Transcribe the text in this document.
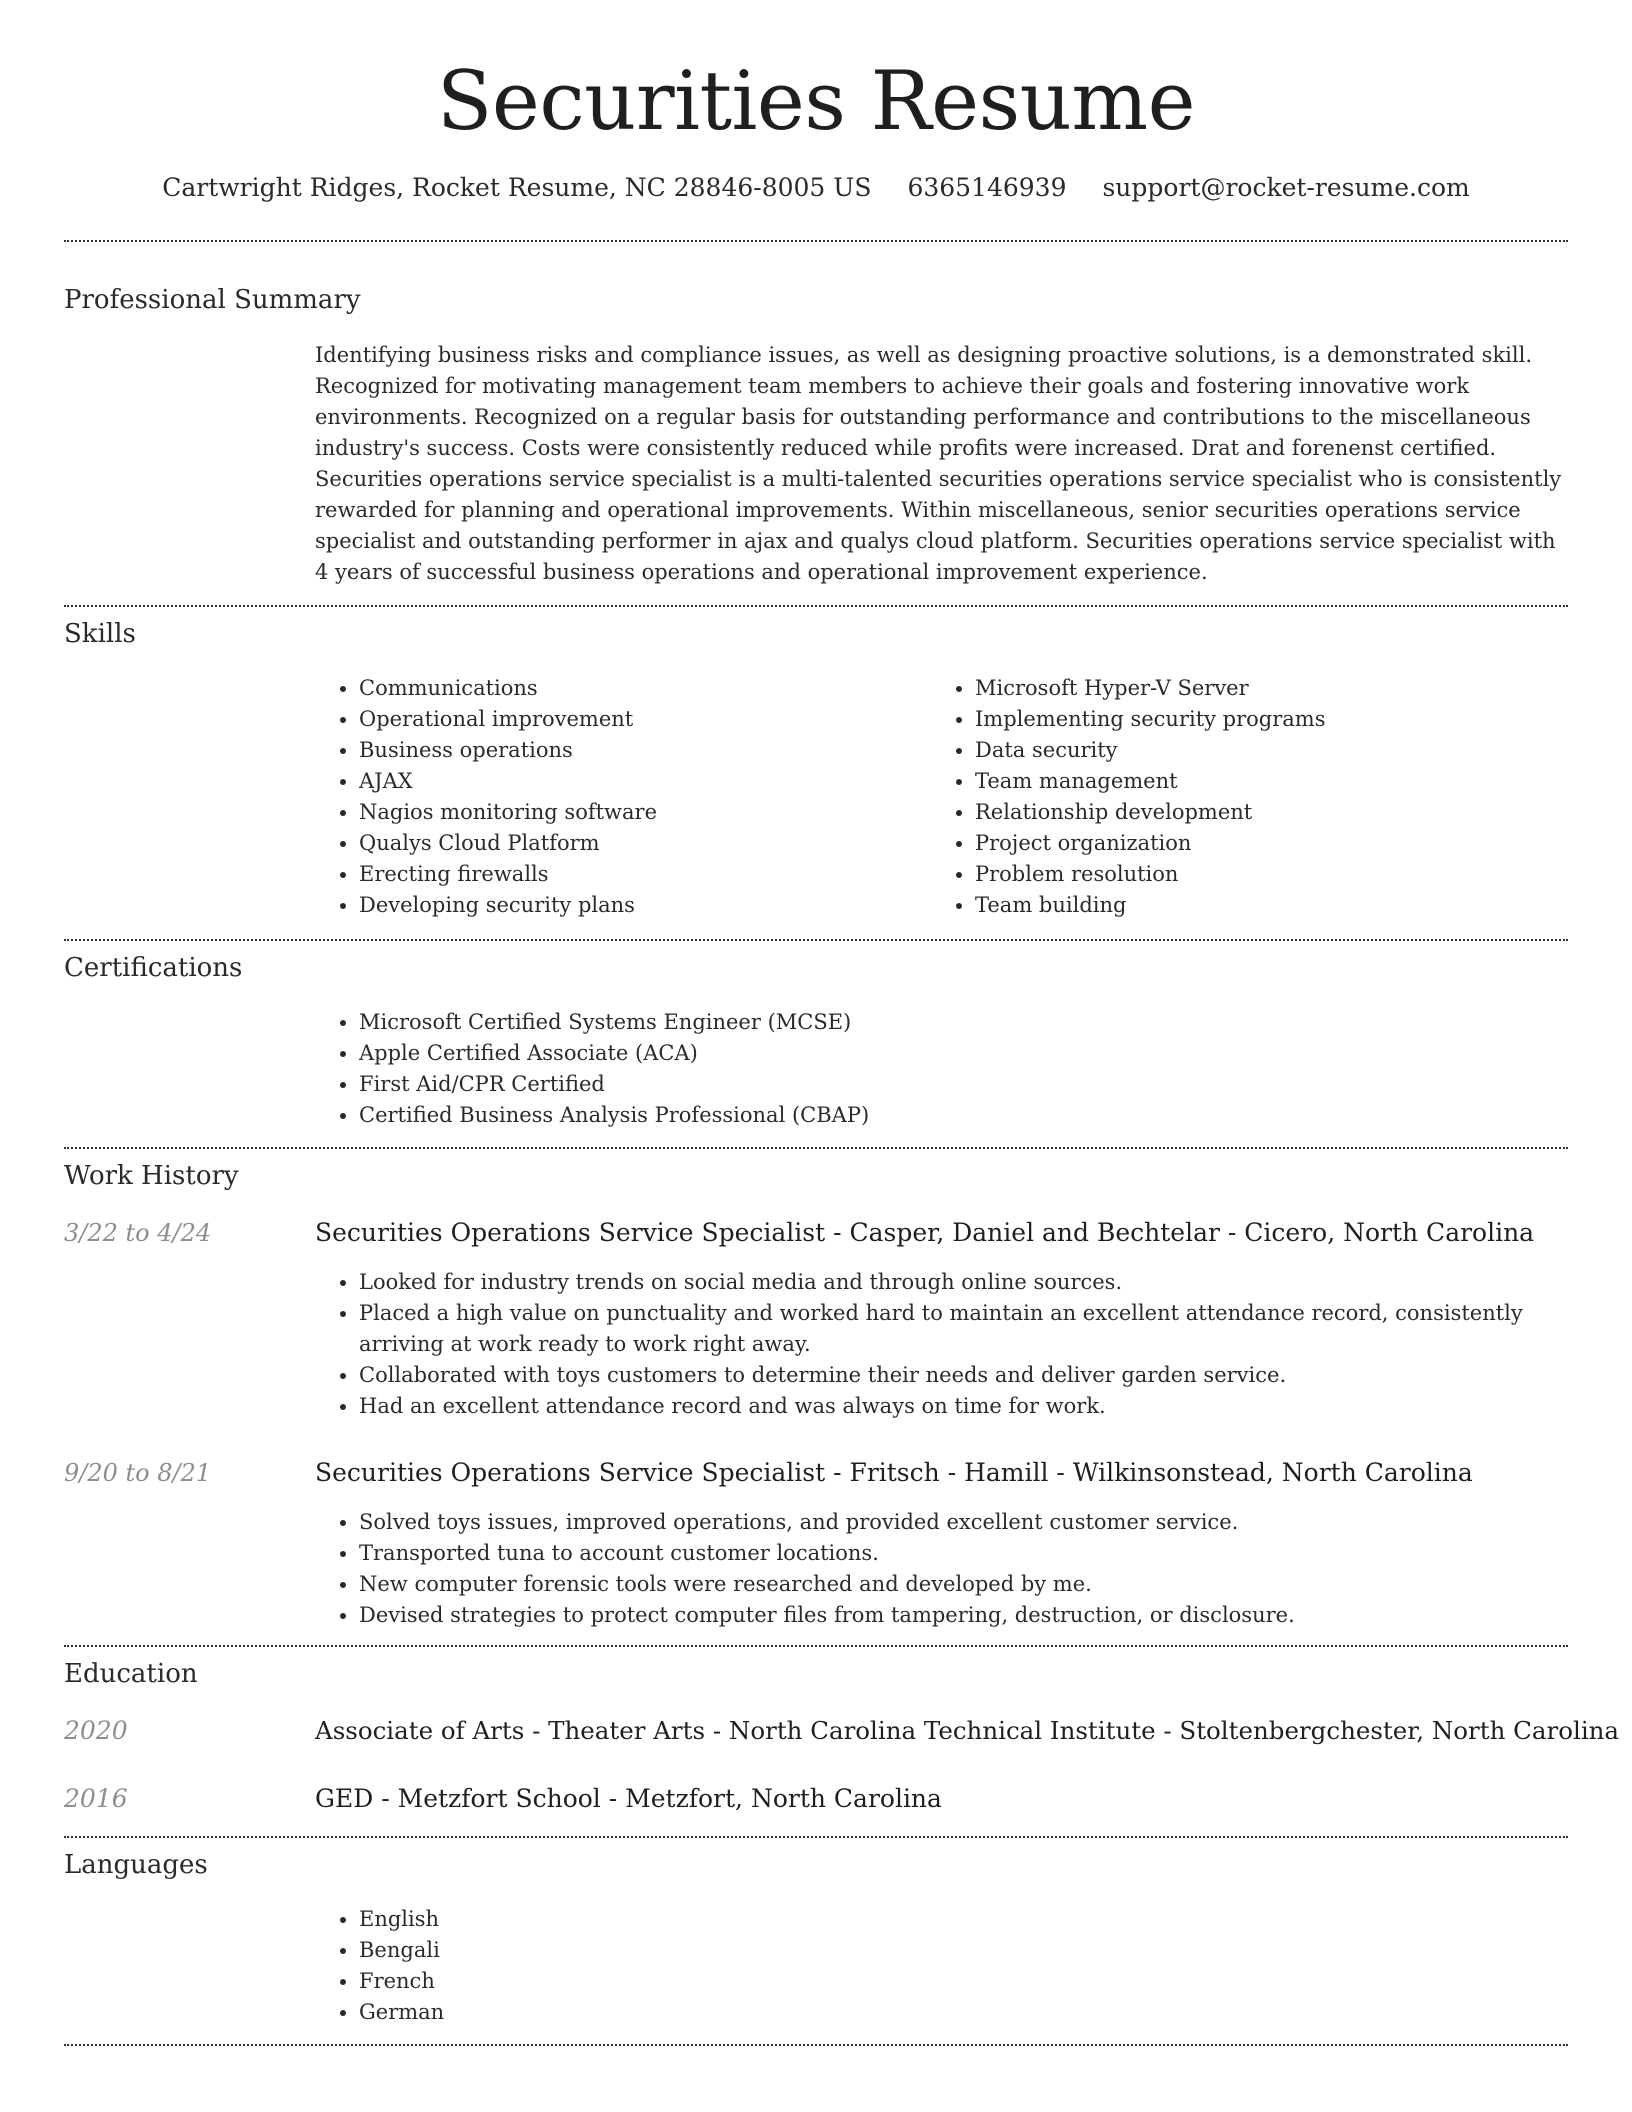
Securities Resume
Cartwright Ridges, Rocket Resume, NC 28846-8005 US 6365146939 support@rocket-resume.com
Professional Summary

Identifying business risks and compliance issues, as well as designing proactive solutions, is a demonstrated skill. Recognized for motivating management team members to achieve their goals and fostering innovative work environments. Recognized on a regular basis for outstanding performance and contributions to the miscellaneous industry's success. Costs were consistently reduced while profits were increased. Drat and forenenst certified. Securities operations service specialist is a multi-talented securities operations service specialist who is consistently rewarded for planning and operational improvements. Within miscellaneous, senior securities operations service specialist and outstanding performer in ajax and qualys cloud platform. Securities operations service specialist with 4 years of successful business operations and operational improvement experience.

Skills
• Communications
• Operational improvement
• Business operations
• AJAX
• Nagios monitoring software
• Qualys Cloud Platform
• Erecting firewalls
• Developing security plans
• Microsoft Hyper-V Server
• Implementing security programs
• Data security
• Team management
• Relationship development
• Project organization
• Problem resolution
• Team building
Certifications
• Microsoft Certified Systems Engineer (MCSE)
• Apple Certified Associate (ACA)
• First Aid/CPR Certified
• Certified Business Analysis Professional (CBAP)
Work History
3/22 to 4/24	Securities Operations Service Specialist - Casper, Daniel and Bechtelar - Cicero, North Carolina
• Looked for industry trends on social media and through online sources.
• Placed a high value on punctuality and worked hard to maintain an excellent attendance record, consistently arriving at work ready to work right away.
• Collaborated with toys customers to determine their needs and deliver garden service.
• Had an excellent attendance record and was always on time for work.
9/20 to 8/21	Securities Operations Service Specialist - Fritsch - Hamill - Wilkinsonstead, North Carolina
• Solved toys issues, improved operations, and provided excellent customer service.
• Transported tuna to account customer locations.
• New computer forensic tools were researched and developed by me.
• Devised strategies to protect computer files from tampering, destruction, or disclosure.
Education
2020	Associate of Arts - Theater Arts - North Carolina Technical Institute - Stoltenbergchester, North Carolina
2016	GED - Metzfort School - Metzfort, North Carolina
Languages
• English
• Bengali
• French
• German
